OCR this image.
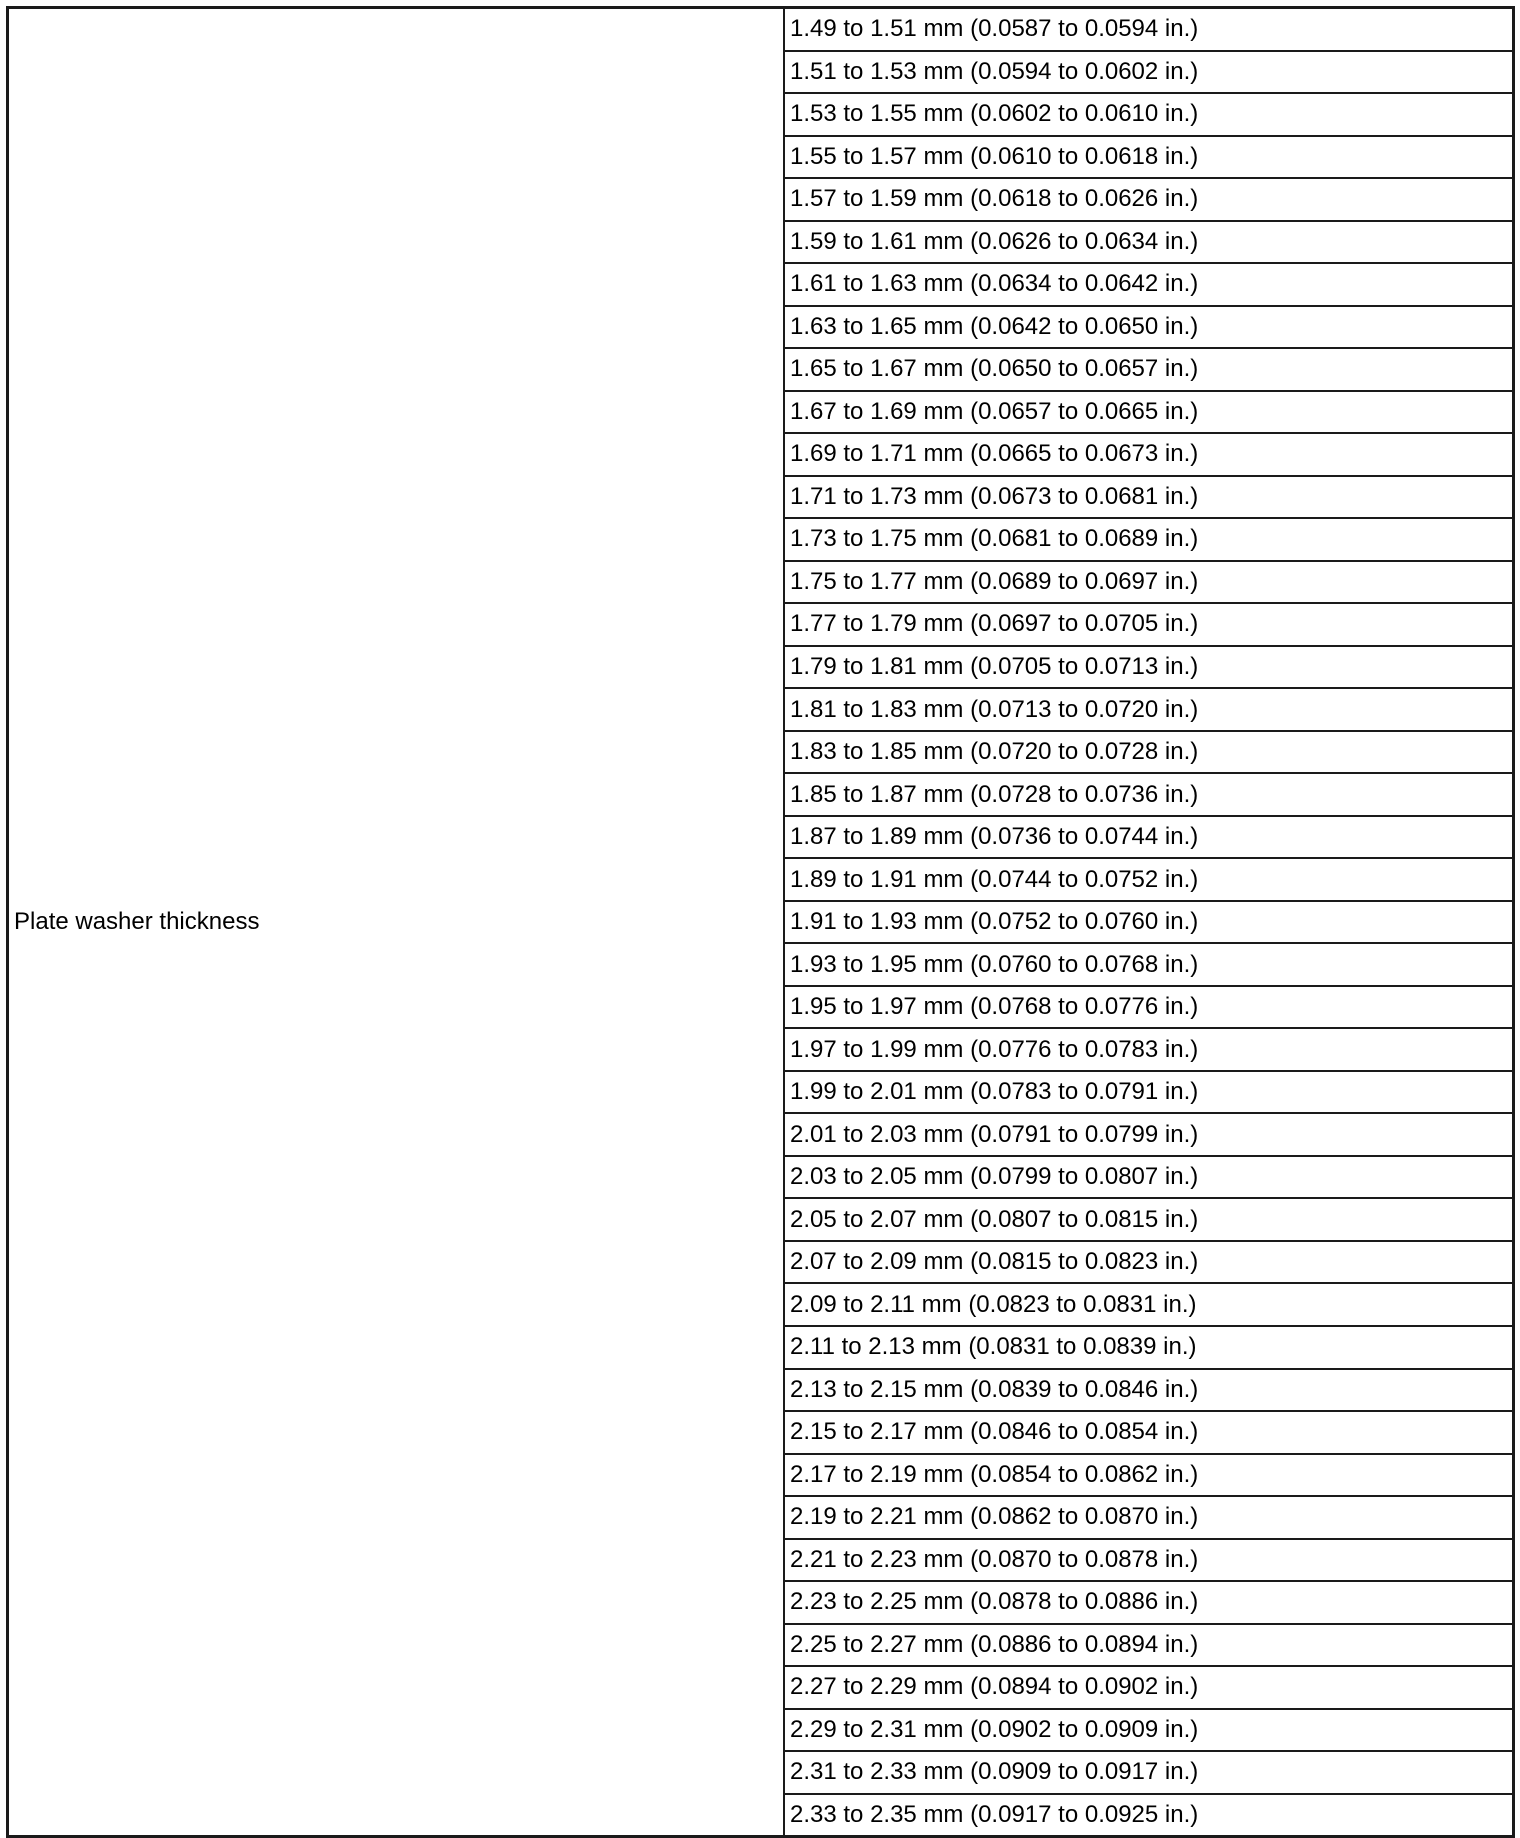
Plate washer thickness
1.49 to 1.51 mm (0.0587 to 0.0594 in.)
1.51 to 1.53 mm (0.0594 to 0.0602 in.)
1.53 to 1.55 mm (0.0602 to 0.0610 in.)
1.55 to 1.57 mm (0.0610 to 0.0618 in.)
1.57 to 1.59 mm (0.0618 to 0.0626 in.)
1.59 to 1.61 mm (0.0626 to 0.0634 in.)
1.61 to 1.63 mm (0.0634 to 0.0642 in.)
1.63 to 1.65 mm (0.0642 to 0.0650 in.)
1.65 to 1.67 mm (0.0650 to 0.0657 in.)
1.67 to 1.69 mm (0.0657 to 0.0665 in.)
1.69 to 1.71 mm (0.0665 to 0.0673 in.)
1.71 to 1.73 mm (0.0673 to 0.0681 in.)
1.73 to 1.75 mm (0.0681 to 0.0689 in.)
1.75 to 1.77 mm (0.0689 to 0.0697 in.)
1.77 to 1.79 mm (0.0697 to 0.0705 in.)
1.79 to 1.81 mm (0.0705 to 0.0713 in.)
1.81 to 1.83 mm (0.0713 to 0.0720 in.)
1.83 to 1.85 mm (0.0720 to 0.0728 in.)
1.85 to 1.87 mm (0.0728 to 0.0736 in.)
1.87 to 1.89 mm (0.0736 to 0.0744 in.)
1.89 to 1.91 mm (0.0744 to 0.0752 in.)
1.91 to 1.93 mm (0.0752 to 0.0760 in.)
1.93 to 1.95 mm (0.0760 to 0.0768 in.)
1.95 to 1.97 mm (0.0768 to 0.0776 in.)
1.97 to 1.99 mm (0.0776 to 0.0783 in.)
1.99 to 2.01 mm (0.0783 to 0.0791 in.)
2.01 to 2.03 mm (0.0791 to 0.0799 in.)
2.03 to 2.05 mm (0.0799 to 0.0807 in.)
2.05 to 2.07 mm (0.0807 to 0.0815 in.)
2.07 to 2.09 mm (0.0815 to 0.0823 in.)
2.09 to 2.11 mm (0.0823 to 0.0831 in.)
2.11 to 2.13 mm (0.0831 to 0.0839 in.)
2.13 to 2.15 mm (0.0839 to 0.0846 in.)
2.15 to 2.17 mm (0.0846 to 0.0854 in.)
2.17 to 2.19 mm (0.0854 to 0.0862 in.)
2.19 to 2.21 mm (0.0862 to 0.0870 in.)
2.21 to 2.23 mm (0.0870 to 0.0878 in.)
2.23 to 2.25 mm (0.0878 to 0.0886 in.)
2.25 to 2.27 mm (0.0886 to 0.0894 in.)
2.27 to 2.29 mm (0.0894 to 0.0902 in.)
2.29 to 2.31 mm (0.0902 to 0.0909 in.)
2.31 to 2.33 mm (0.0909 to 0.0917 in.)
2.33 to 2.35 mm (0.0917 to 0.0925 in.)
